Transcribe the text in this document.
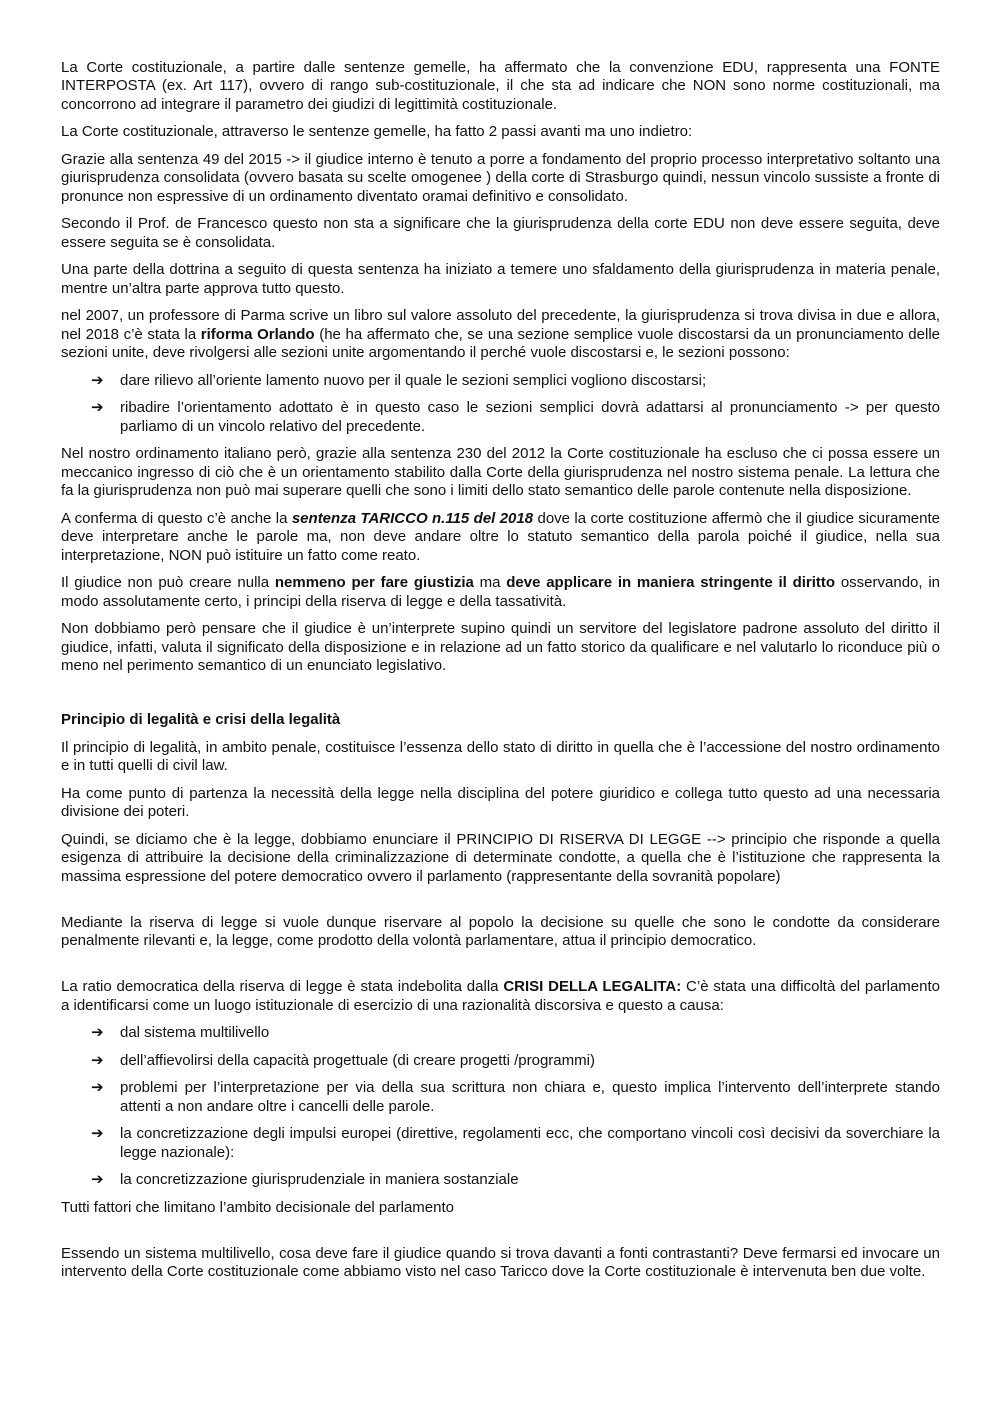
La Corte costituzionale, a partire dalle sentenze gemelle, ha affermato che la convenzione EDU, rappresenta una FONTE INTERPOSTA (ex. Art 117), ovvero di rango sub-costituzionale, il che sta ad indicare che NON sono norme costituzionali, ma concorrono ad integrare il parametro dei giudizi di legittimità costituzionale.

La Corte costituzionale, attraverso le sentenze gemelle, ha fatto 2 passi avanti ma uno indietro:

Grazie alla sentenza 49 del 2015 -> il giudice interno è tenuto a porre a fondamento del proprio processo interpretativo soltanto una giurisprudenza consolidata (ovvero basata su scelte omogenee ) della corte di Strasburgo quindi, nessun vincolo sussiste a fronte di pronunce non espressive di un ordinamento diventato oramai definitivo e consolidato.

Secondo il Prof. de Francesco questo non sta a significare che la giurisprudenza della corte EDU non deve essere seguita, deve essere seguita se è consolidata.

Una parte della dottrina a seguito di questa sentenza ha iniziato a temere uno sfaldamento della giurisprudenza in materia penale, mentre un’altra parte approva tutto questo.

nel 2007, un professore di Parma scrive un libro sul valore assoluto del precedente, la giurisprudenza si trova divisa in due e allora, nel 2018 c’è stata la riforma Orlando (he ha affermato che, se una sezione semplice vuole discostarsi da un pronunciamento delle sezioni unite, deve rivolgersi alle sezioni unite argomentando il perché vuole discostarsi e, le sezioni possono:

➔ dare rilievo all’oriente lamento nuovo per il quale le sezioni semplici vogliono discostarsi;
➔ ribadire l’orientamento adottato è in questo caso le sezioni semplici dovrà adattarsi al pronunciamento -> per questo parliamo di un vincolo relativo del precedente.

Nel nostro ordinamento italiano però, grazie alla sentenza 230 del 2012 la Corte costituzionale ha escluso che ci possa essere un meccanico ingresso di ciò che è un orientamento stabilito dalla Corte della giurisprudenza nel nostro sistema penale. La lettura che fa la giurisprudenza non può mai superare quelli che sono i limiti dello stato semantico delle parole contenute nella disposizione.

A conferma di questo c’è anche la sentenza TARICCO n.115 del 2018 dove la corte costituzione affermò che il giudice sicuramente deve interpretare anche le parole ma, non deve andare oltre lo statuto semantico della parola poiché il giudice, nella sua interpretazione, NON può istituire un fatto come reato.

Il giudice non può creare nulla nemmeno per fare giustizia ma deve applicare in maniera stringente il diritto osservando, in modo assolutamente certo, i principi della riserva di legge e della tassatività.

Non dobbiamo però pensare che il giudice è un’interprete supino quindi un servitore del legislatore padrone assoluto del diritto il giudice, infatti, valuta il significato della disposizione e in relazione ad un fatto storico da qualificare e nel valutarlo lo riconduce più o meno nel perimento semantico di un enunciato legislativo.

Principio di legalità e crisi della legalità

Il principio di legalità, in ambito penale, costituisce l’essenza dello stato di diritto in quella che è l’accessione del nostro ordinamento e in tutti quelli di civil law.

Ha come punto di partenza la necessità della legge nella disciplina del potere giuridico e collega tutto questo ad una necessaria divisione dei poteri.

Quindi, se diciamo che è la legge, dobbiamo enunciare il PRINCIPIO DI RISERVA DI LEGGE --> principio che risponde a quella esigenza di attribuire la decisione della criminalizzazione di determinate condotte, a quella che è l’istituzione che rappresenta la massima espressione del potere democratico ovvero il parlamento (rappresentante della sovranità popolare)

Mediante la riserva di legge si vuole dunque riservare al popolo la decisione su quelle che sono le condotte da considerare penalmente rilevanti e, la legge, come prodotto della volontà parlamentare, attua il principio democratico.

La ratio democratica della riserva di legge è stata indebolita dalla CRISI DELLA LEGALITA: C’è stata una difficoltà del parlamento a identificarsi come un luogo istituzionale di esercizio di una razionalità discorsiva e questo a causa:

➔ dal sistema multilivello
➔ dell’affievolirsi della capacità progettuale (di creare progetti /programmi)
➔ problemi per l’interpretazione per via della sua scrittura non chiara e, questo implica l’intervento dell’interprete stando attenti a non andare oltre i cancelli delle parole.
➔ la concretizzazione degli impulsi europei (direttive, regolamenti ecc, che comportano vincoli così decisivi da soverchiare la legge nazionale):
➔ la concretizzazione giurisprudenziale in maniera sostanziale

Tutti fattori che limitano l’ambito decisionale del parlamento

Essendo un sistema multilivello, cosa deve fare il giudice quando si trova davanti a fonti contrastanti? Deve fermarsi ed invocare un intervento della Corte costituzionale come abbiamo visto nel caso Taricco dove la Corte costituzionale è intervenuta ben due volte.
